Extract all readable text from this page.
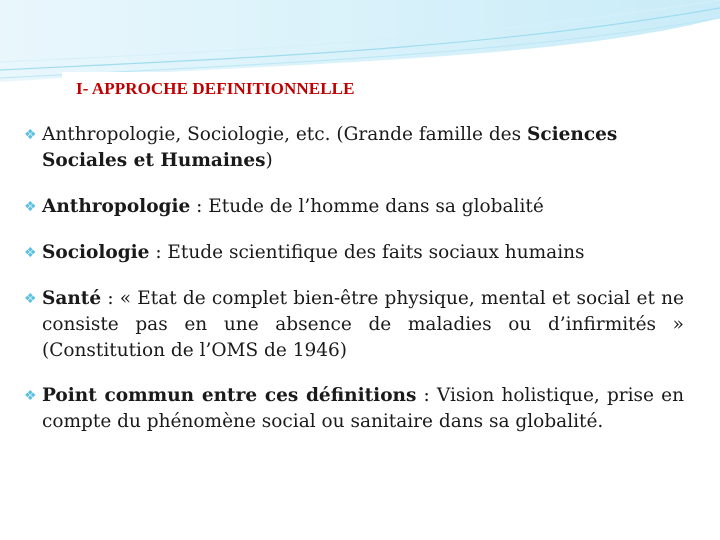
I- APPROCHE DEFINITIONNELLE
❖ Anthropologie, Sociologie, etc. (Grande famille des Sciences Sociales et Humaines)
❖ Anthropologie : Etude de l’homme dans sa globalité
❖ Sociologie : Etude scientifique des faits sociaux humains
❖ Santé : « Etat de complet bien-être physique, mental et social et ne consiste pas en une absence de maladies ou d’infirmités » (Constitution de l’OMS de 1946)
❖ Point commun entre ces définitions : Vision holistique, prise en compte du phénomène social ou sanitaire dans sa globalité.
